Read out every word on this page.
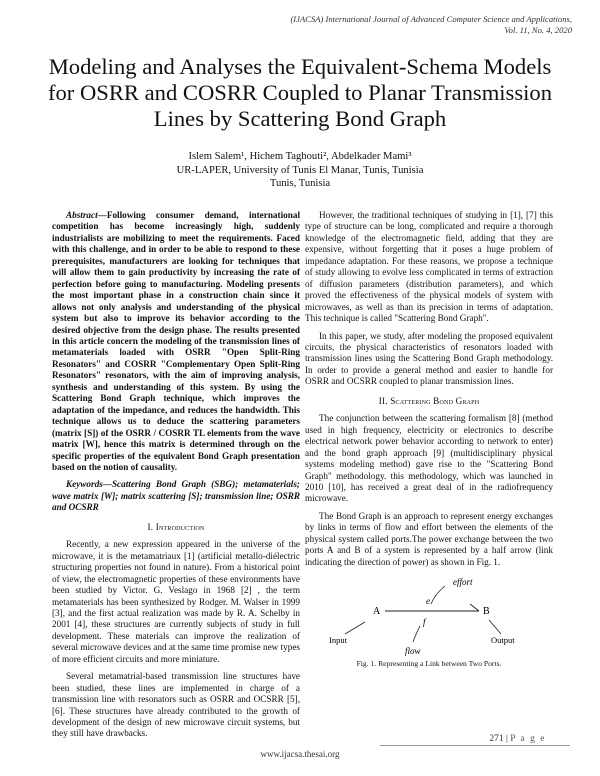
(IJACSA) International Journal of Advanced Computer Science and Applications,
Vol. 11, No. 4, 2020
Modeling and Analyses the Equivalent-Schema Models for OSRR and COSRR Coupled to Planar Transmission Lines by Scattering Bond Graph
Islem Salem¹, Hichem Taghouti², Abdelkader Mami³
UR-LAPER, University of Tunis El Manar, Tunis, Tunisia
Tunis, Tunisia

Abstract—Following consumer demand, international competition has become increasingly high, suddenly industrialists are mobilizing to meet the requirements. Faced with this challenge, and in order to be able to respond to these prerequisites, manufacturers are looking for techniques that will allow them to gain productivity by increasing the rate of perfection before going to manufacturing. Modeling presents the most important phase in a construction chain since it allows not only analysis and understanding of the physical system but also to improve its behavior according to the desired objective from the design phase. The results presented in this article concern the modeling of the transmission lines of metamaterials loaded with OSRR "Open Split-Ring Resonators" and COSRR "Complementary Open Split-Ring Resonators" resonators, with the aim of improving analysis, synthesis and understanding of this system. By using the Scattering Bond Graph technique, which improves the adaptation of the impedance, and reduces the handwidth. This technique allows us to deduce the scattering parameters (matrix [S]) of the OSRR / COSRR TL elements from the wave matrix [W], hence this matrix is determined through on the specific properties of the equivalent Bond Graph presentation based on the notion of causality.

Keywords—Scattering Bond Graph (SBG); metamaterials; wave matrix [W]; matrix scattering [S]; transmission line; OSRR and OCSRR

I. Introduction

Recently, a new expression appeared in the universe of the microwave, it is the metamatriaux [1] (artificial metallo-diélectric structuring properties not found in nature). From a historical point of view, the electromagnetic properties of these environments have been studied by Victor. G. Veslago in 1968 [2] , the term metamaterials has been synthesized by Rodger. M. Walser in 1999 [3], and the first actual realization was made by R. A. Schelby in 2001 [4], these structures are currently subjects of study in full development. These materials can improve the realization of several microwave devices and at the same time promise new types of more efficient circuits and more miniature.

Several metamatrial-based transmission line structures have been studied, these lines are implemented in charge of a transmission line with resonators such as OSRR and OCSRR [5], [6]. These structures have already contributed to the growth of development of the design of new microwave circuit systems, but they still have drawbacks.

However, the traditional techniques of studying in [1], [7] this type of structure can be long, complicated and require a thorough knowledge of the electromagnetic field, adding that they are expensive, without forgetting that it poses a huge problem of impedance adaptation. For these reasons, we propose a technique of study allowing to evolve less complicated in terms of extraction of diffusion parameters (distribution parameters), and which proved the effectiveness of the physical models of system with microwaves, as well as than its precision in terms of adaptation. This technique is called "Scattering Bond Graph".

In this paper, we study, after modeling the proposed equivalent circuits, the physical characteristics of resonators loaded with transmission lines using the Scattering Bond Graph methodology. In order to provide a general method and easier to handle for OSRR and OCSRR coupled to planar transmission lines.

II. Scattering Bond Graph

The conjunction between the scattering formalism [8] (method used in high frequency, electricity or electronics to describe electrical network power behavior according to network to enter) and the bond graph approach [9] (multidisciplinary physical systems modeling method) gave rise to the "Scattering Bond Graph" methodology. this methodology, which was launched in 2010 [10], has received a great deal of in the radiofrequency microwave.

The Bond Graph is an approach to represent energy exchanges by links in terms of flow and effort between the elements of the physical system called ports.The power exchange between the two ports A and B of a system is represented by a half arrow (link indicating the direction of power) as shown in Fig. 1.

effort
e
A	B
f
Input	Output
flow
Fig. 1. Representing a Link between Two Ports.
271 | P a g e
www.ijacsa.thesai.org
